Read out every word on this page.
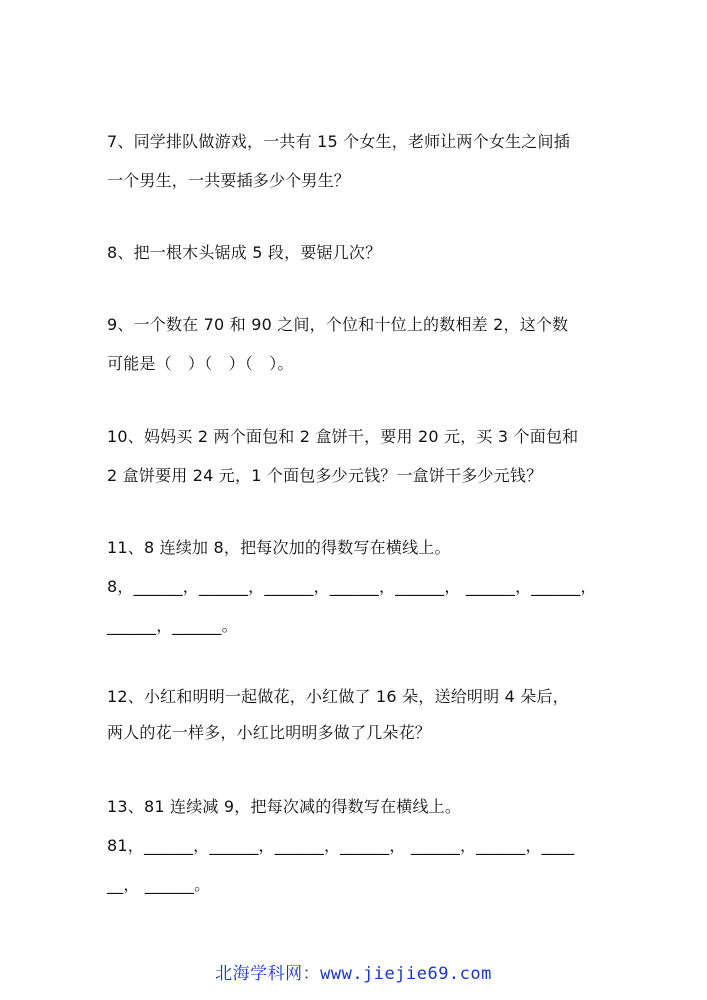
7、同学排队做游戏，一共有 15 个女生，老师让两个女生之间插
一个男生，一共要插多少个男生？
8、把一根木头锯成 5 段，要锯几次？
9、一个数在 70 和 90 之间，个位和十位上的数相差 2，这个数
可能是（　）（　）（　）。
10、妈妈买 2 两个面包和 2 盒饼干，要用 20 元，买 3 个面包和
2 盒饼要用 24 元，1 个面包多少元钱？一盒饼干多少元钱？
11、8 连续加 8，把每次加的得数写在横线上。
8，______，______，______，______，______， ______，______，
______，______。
12、小红和明明一起做花，小红做了 16 朵，送给明明 4 朵后，
两人的花一样多，小红比明明多做了几朵花？
13、81 连续减 9，把每次减的得数写在横线上。
81，______，______，______，______， ______，______，____
__， ______。
北海学科网：www.jiejie69.com
